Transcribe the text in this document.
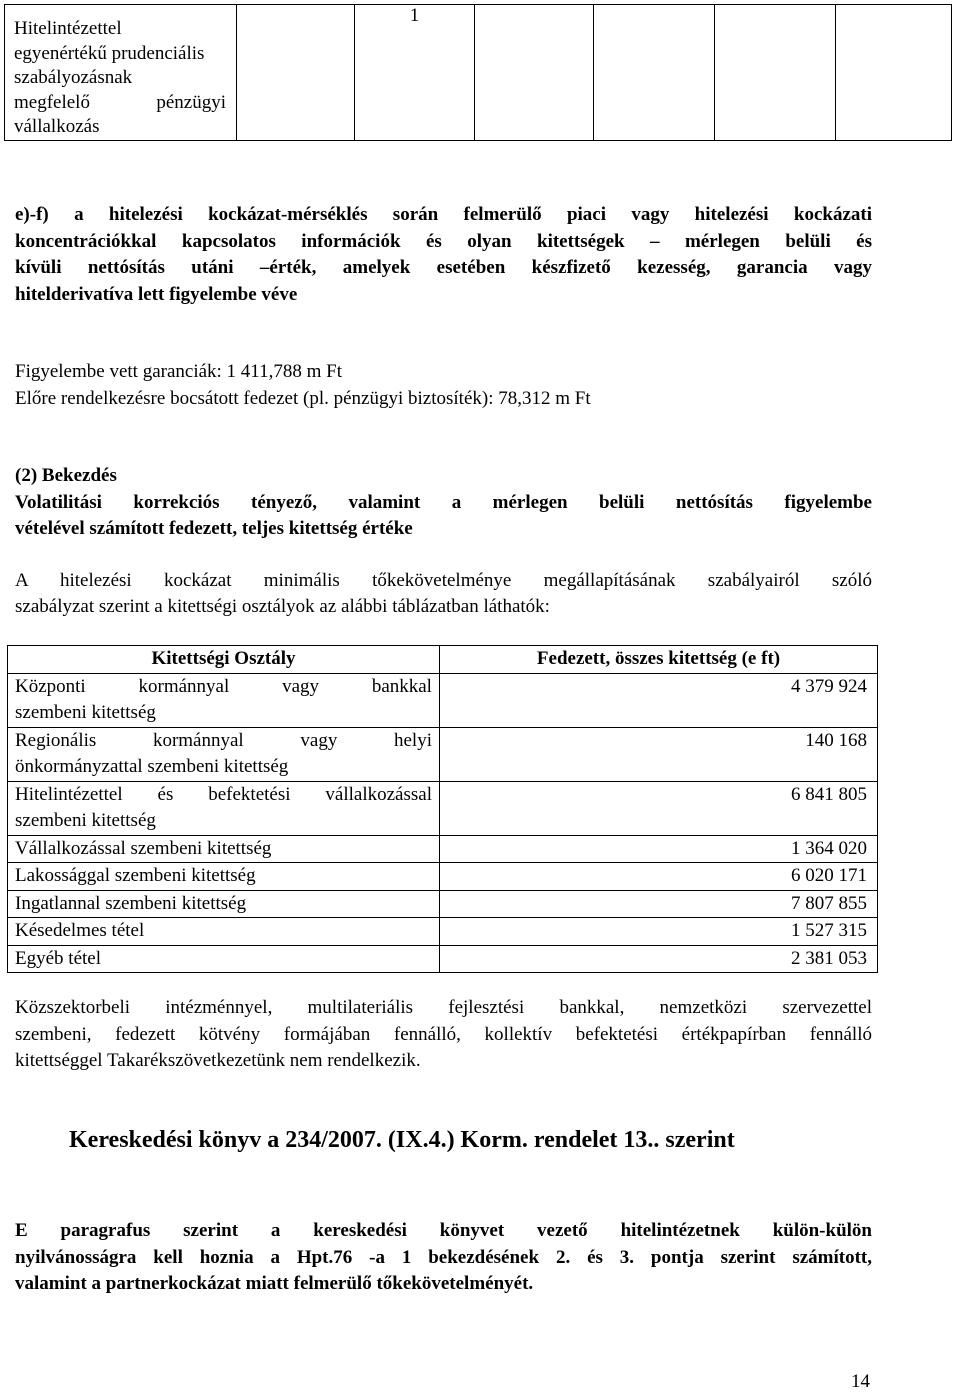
Hitelintézettel
egyenértékű prudenciális
szabályozásnak
megfelelő	pénzügyi
vállalkozás
		1				
e)-f) a hitelezési kockázat-mérséklés során felmerülő piaci vagy hitelezési kockázati
koncentrációkkal kapcsolatos információk és olyan kitettségek – mérlegen belüli és
kívüli nettósítás utáni –érték, amelyek esetében készfizető kezesség, garancia vagy
hitelderivatíva lett figyelembe véve
Figyelembe vett garanciák: 1 411,788 m Ft
Előre rendelkezésre bocsátott fedezet (pl. pénzügyi biztosíték): 78,312 m Ft
(2) Bekezdés
Volatilitási korrekciós tényező, valamint a mérlegen belüli nettósítás figyelembe
vételével számított fedezett, teljes kitettség értéke
A hitelezési kockázat minimális tőkekövetelménye megállapításának szabályairól szóló
szabályzat szerint a kitettségi osztályok az alábbi táblázatban láthatók:
Kitettségi Osztály	Fedezett, összes kitettség (e ft)

Központi kormánnyal vagy bankkal
szembeni kitettség	4 379 924

Regionális kormánnyal vagy helyi
önkormányzattal szembeni kitettség	140 168

Hitelintézettel és befektetési vállalkozással
szembeni kitettség	6 841 805
Vállalkozással szembeni kitettség	1 364 020
Lakossággal szembeni kitettség	6 020 171
Ingatlannal szembeni kitettség	7 807 855
Késedelmes tétel	1 527 315
Egyéb tétel	2 381 053
Közszektorbeli intézménnyel, multilateriális fejlesztési bankkal, nemzetközi szervezettel
szembeni, fedezett kötvény formájában fennálló, kollektív befektetési értékpapírban fennálló
kitettséggel Takarékszövetkezetünk nem rendelkezik.
Kereskedési könyv a 234/2007. (IX.4.) Korm. rendelet 13.. szerint
E paragrafus szerint a kereskedési könyvet vezető hitelintézetnek külön-külön
nyilvánosságra kell hoznia a Hpt.76 -a 1 bekezdésének 2. és 3. pontja szerint számított,
valamint a partnerkockázat miatt felmerülő tőkekövetelményét.
14
